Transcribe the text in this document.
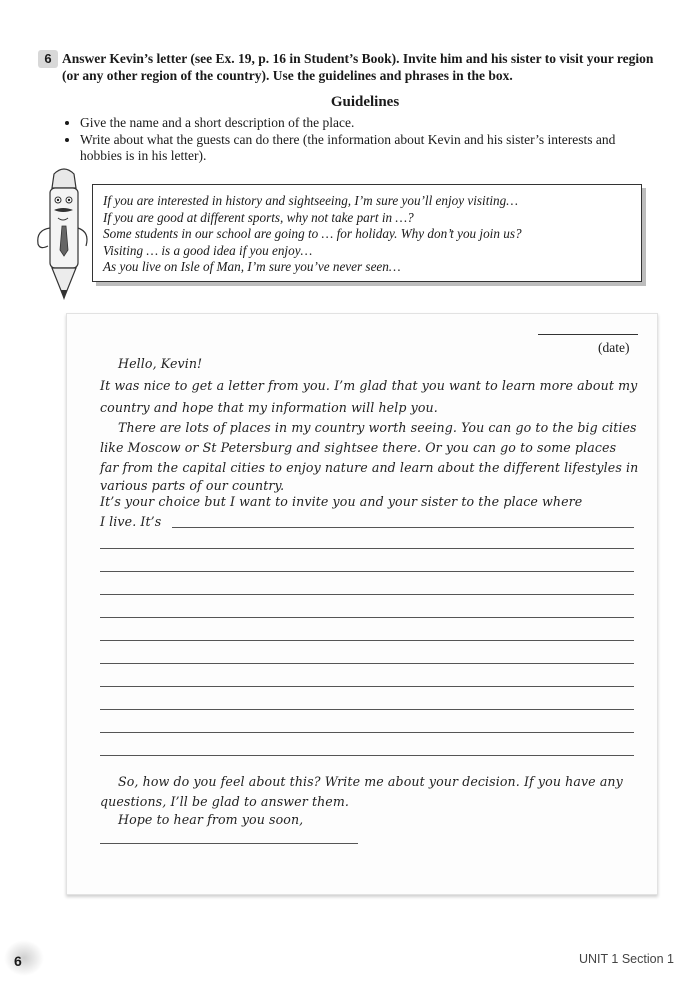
6 Answer Kevin’s letter (see Ex. 19, p. 16 in Student’s Book). Invite him and his sister to visit your region (or any other region of the country). Use the guidelines and phrases in the box.
Guidelines
• Give the name and a short description of the place.
• Write about what the guests can do there (the information about Kevin and his sister’s interests and hobbies is in his letter).
If you are interested in history and sightseeing, I’m sure you’ll enjoy visiting…
If you are good at different sports, why not take part in …?
Some students in our school are going to … for holiday. Why don’t you join us?
Visiting … is a good idea if you enjoy…
As you live on Isle of Man, I’m sure you’ve never seen…
(date)
Hello, Kevin!
It was nice to get a letter from you. I’m glad that you want to learn more about my
country and hope that my information will help you.
There are lots of places in my country worth seeing. You can go to the big cities
like Moscow or St Petersburg and sightsee there. Or you can go to some places
far from the capital cities to enjoy nature and learn about the different lifestyles in
various parts of our country.
It’s your choice but I want to invite you and your sister to the place where
I live. It’s
So, how do you feel about this? Write me about your decision. If you have any
questions, I’ll be glad to answer them.
Hope to hear from you soon,
6	UNIT 1 Section 1
